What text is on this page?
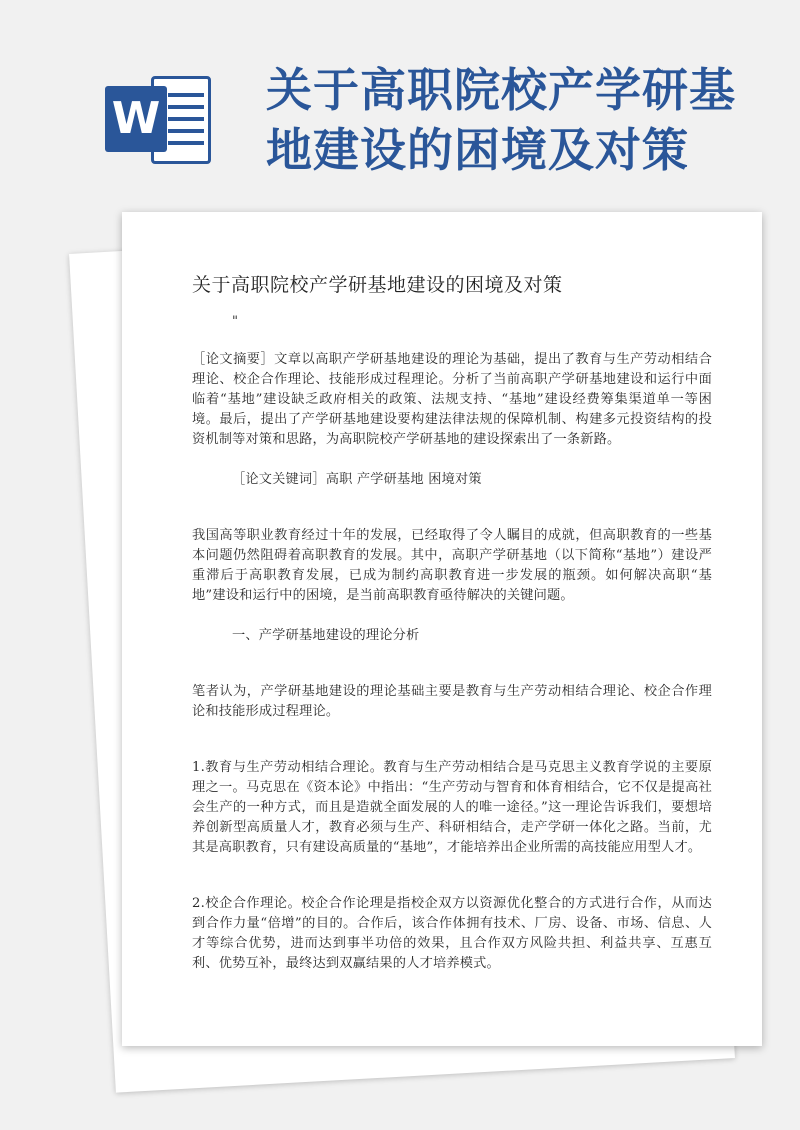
W
关于高职院校产学研基地建设的困境及对策
关于高职院校产学研基地建设的困境及对策
"

［论文摘要］文章以高职产学研基地建设的理论为基础，提出了教育与生产劳动相结合理论、校企合作理论、技能形成过程理论。分析了当前高职产学研基地建设和运行中面临着“基地”建设缺乏政府相关的政策、法规支持、“基地”建设经费筹集渠道单一等困境。最后，提出了产学研基地建设要构建法律法规的保障机制、构建多元投资结构的投资机制等对策和思路，为高职院校产学研基地的建设探索出了一条新路。

［论文关键词］高职 产学研基地 困境对策

我国高等职业教育经过十年的发展，已经取得了令人瞩目的成就，但高职教育的一些基本问题仍然阻碍着高职教育的发展。其中，高职产学研基地（以下简称“基地”）建设严重滞后于高职教育发展，已成为制约高职教育进一步发展的瓶颈。如何解决高职“基地”建设和运行中的困境，是当前高职教育亟待解决的关键问题。

一、产学研基地建设的理论分析

笔者认为，产学研基地建设的理论基础主要是教育与生产劳动相结合理论、校企合作理论和技能形成过程理论。

1.教育与生产劳动相结合理论。教育与生产劳动相结合是马克思主义教育学说的主要原理之一。马克思在《资本论》中指出：“生产劳动与智育和体育相结合，它不仅是提高社会生产的一种方式，而且是造就全面发展的人的唯一途径。”这一理论告诉我们，要想培养创新型高质量人才，教育必须与生产、科研相结合，走产学研一体化之路。当前，尤其是高职教育，只有建设高质量的“基地”，才能培养出企业所需的高技能应用型人才。

2.校企合作理论。校企合作论理是指校企双方以资源优化整合的方式进行合作，从而达到合作力量“倍增”的目的。合作后，该合作体拥有技术、厂房、设备、市场、信息、人才等综合优势，进而达到事半功倍的效果，且合作双方风险共担、利益共享、互惠互利、优势互补，最终达到双赢结果的人才培养模式。
